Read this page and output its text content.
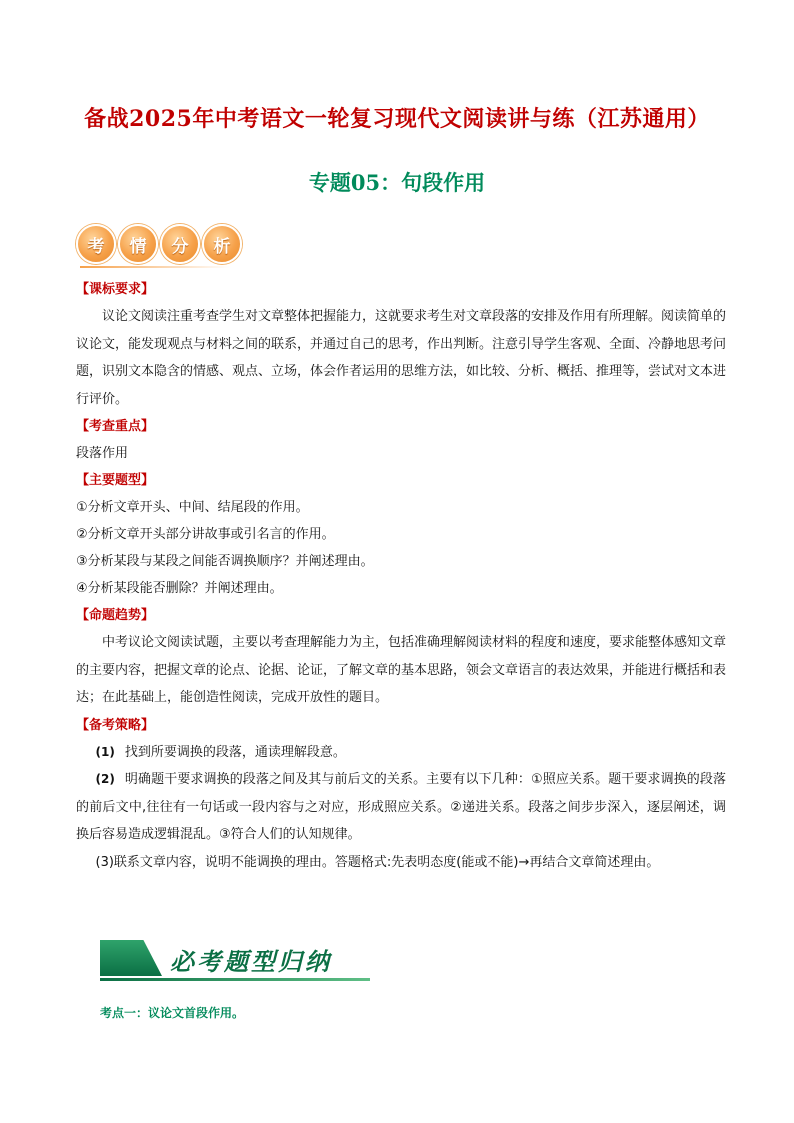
备战2025年中考语文一轮复习现代文阅读讲与练（江苏通用）
专题05：句段作用
考	情	分	析
【课标要求】

议论文阅读注重考查学生对文章整体把握能力，这就要求考生对文章段落的安排及作用有所理解。阅读简单的议论文，能发现观点与材料之间的联系，并通过自己的思考，作出判断。注意引导学生客观、全面、冷静地思考问题，识别文本隐含的情感、观点、立场，体会作者运用的思维方法，如比较、分析、概括、推理等，尝试对文本进行评价。

【考查重点】

段落作用

【主要题型】

①分析文章开头、中间、结尾段的作用。

②分析文章开头部分讲故事或引名言的作用。

③分析某段与某段之间能否调换顺序？并阐述理由。

④分析某段能否删除？并阐述理由。

【命题趋势】

中考议论文阅读试题，主要以考查理解能力为主，包括准确理解阅读材料的程度和速度，要求能整体感知文章的主要内容，把握文章的论点、论据、论证，了解文章的基本思路，领会文章语言的表达效果，并能进行概括和表达；在此基础上，能创造性阅读，完成开放性的题目。

【备考策略】

(1) 找到所要调换的段落，通读理解段意。

(2) 明确题干要求调换的段落之间及其与前后文的关系。主要有以下几种：①照应关系。题干要求调换的段落的前后文中,往往有一句话或一段内容与之对应，形成照应关系。②递进关系。段落之间步步深入，逐层阐述，调换后容易造成逻辑混乱。③符合人们的认知规律。

(3)联系文章内容，说明不能调换的理由。答题格式:先表明态度(能或不能)→再结合文章简述理由。

必考题型归纳
考点一：议论文首段作用。
